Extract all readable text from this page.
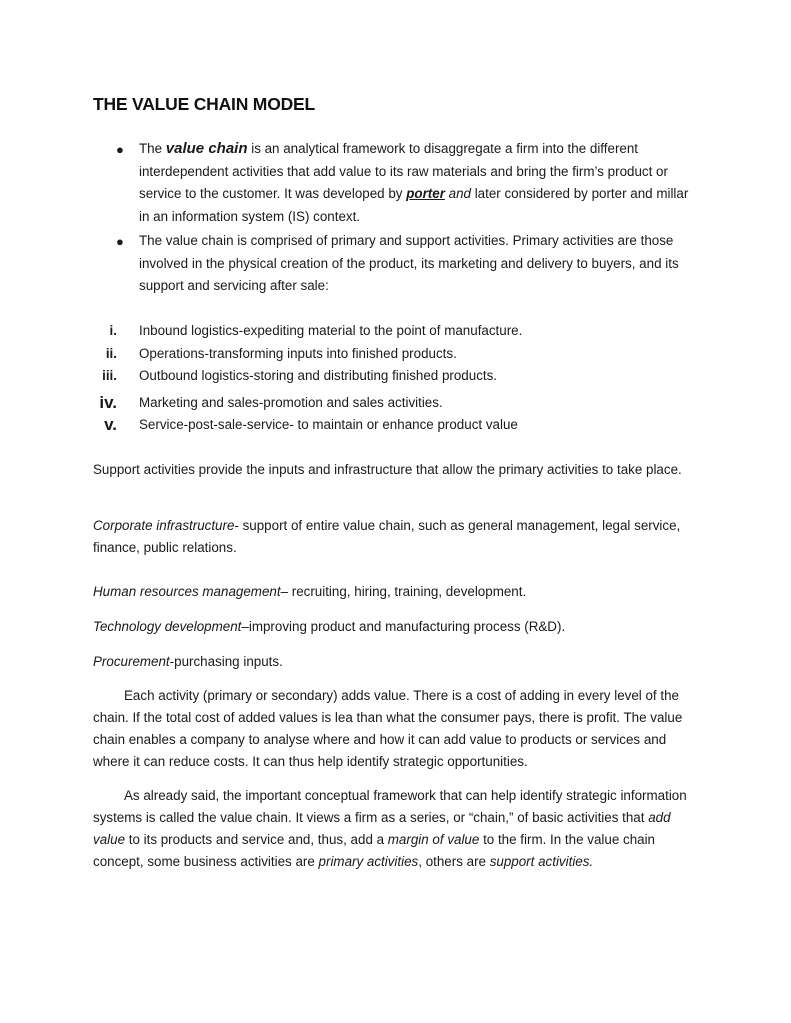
THE VALUE CHAIN MODEL
● The value chain is an analytical framework to disaggregate a firm into the different interdependent activities that add value to its raw materials and bring the firm’s product or service to the customer. It was developed by porter and later considered by porter and millar in an information system (IS) context.
● The value chain is comprised of primary and support activities. Primary activities are those involved in the physical creation of the product, its marketing and delivery to buyers, and its support and servicing after sale:
i. Inbound logistics-expediting material to the point of manufacture.
ii. Operations-transforming inputs into finished products.
iii. Outbound logistics-storing and distributing finished products.
iv. Marketing and sales-promotion and sales activities.
v. Service-post-sale-service- to maintain or enhance product value

Support activities provide the inputs and infrastructure that allow the primary activities to take place.

Corporate infrastructure- support of entire value chain, such as general management, legal service, finance, public relations.

Human resources management– recruiting, hiring, training, development.

Technology development–improving product and manufacturing process (R&D).

Procurement-purchasing inputs.

Each activity (primary or secondary) adds value. There is a cost of adding in every level of the chain. If the total cost of added values is lea than what the consumer pays, there is profit. The value chain enables a company to analyse where and how it can add value to products or services and where it can reduce costs. It can thus help identify strategic opportunities.

As already said, the important conceptual framework that can help identify strategic information systems is called the value chain. It views a firm as a series, or “chain,” of basic activities that add value to its products and service and, thus, add a margin of value to the firm. In the value chain concept, some business activities are primary activities, others are support activities.
